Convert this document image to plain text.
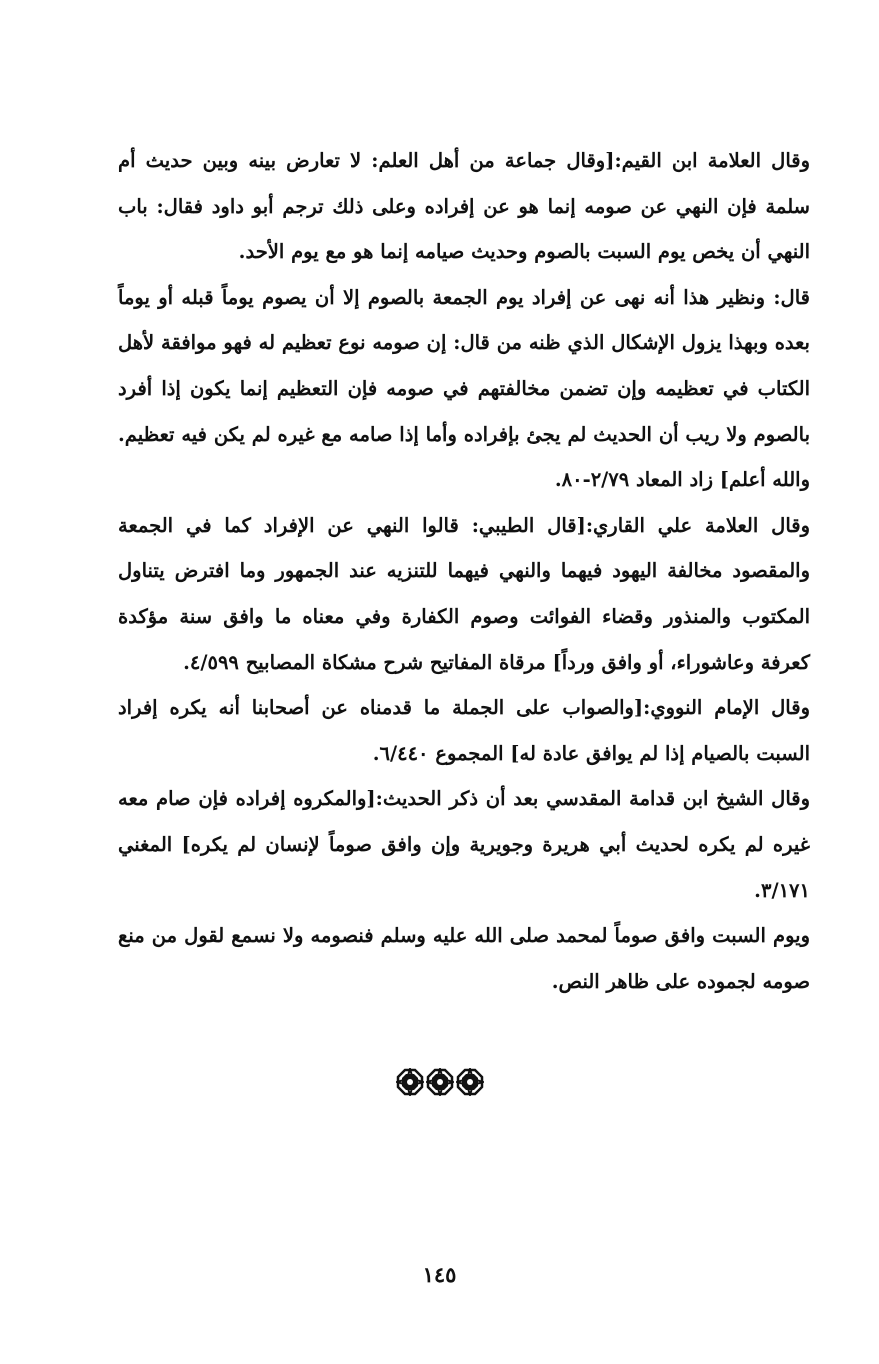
وقال العلامة ابن القيم:[وقال جماعة من أهل العلم: لا تعارض بينه وبين حديث أم سلمة فإن النهي عن صومه إنما هو عن إفراده وعلى ذلك ترجم أبو داود فقال: باب النهي أن يخص يوم السبت بالصوم وحديث صيامه إنما هو مع يوم الأحد.

قال: ونظير هذا أنه نهى عن إفراد يوم الجمعة بالصوم إلا أن يصوم يوماً قبله أو يوماً بعده وبهذا يزول الإشكال الذي ظنه من قال: إن صومه نوع تعظيم له فهو موافقة لأهل الكتاب في تعظيمه وإن تضمن مخالفتهم في صومه فإن التعظيم إنما يكون إذا أفرد بالصوم ولا ريب أن الحديث لم يجئ بإفراده وأما إذا صامه مع غيره لم يكن فيه تعظيم. والله أعلم] زاد المعاد ٢/٧٩-٨٠.

وقال العلامة علي القاري:[قال الطيبي: قالوا النهي عن الإفراد كما في الجمعة والمقصود مخالفة اليهود فيهما والنهي فيهما للتنزيه عند الجمهور وما افترض يتناول المكتوب والمنذور وقضاء الفوائت وصوم الكفارة وفي معناه ما وافق سنة مؤكدة كعرفة وعاشوراء، أو وافق ورداً] مرقاة المفاتيح شرح مشكاة المصابيح ٤/٥٩٩.

وقال الإمام النووي:[والصواب على الجملة ما قدمناه عن أصحابنا أنه يكره إفراد السبت بالصيام إذا لم يوافق عادة له] المجموع ٦/٤٤٠.

وقال الشيخ ابن قدامة المقدسي بعد أن ذكر الحديث:[والمكروه إفراده فإن صام معه غيره لم يكره لحديث أبي هريرة وجويرية وإن وافق صوماً لإنسان لم يكره] المغني ٣/١٧١.

ويوم السبت وافق صوماً لمحمد صلى الله عليه وسلم فنصومه ولا نسمع لقول من منع صومه لجموده على ظاهر النص.

١٤٥
